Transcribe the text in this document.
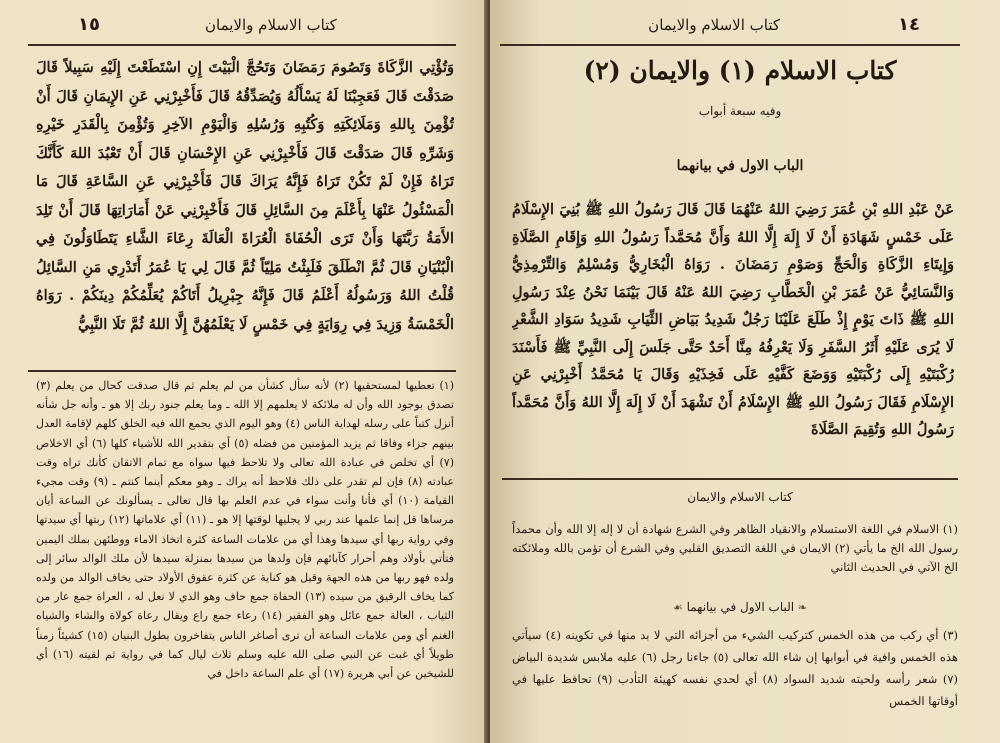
١٥	كتاب الاسلام والايمان

وَتُؤْتِي الزَّكَاةَ وَتَصُومَ رَمَضَانَ وَتَحُجَّ الْبَيْتَ إِنِ اسْتَطَعْتَ إِلَيْهِ سَبِيلاً قَالَ صَدَقْتَ قَالَ فَعَجِبْنَا لَهُ يَسْأَلُهُ وَيُصَدِّقُهُ قَالَ فَأَخْبِرْنِي عَنِ الإِيمَانِ قَالَ أَنْ تُؤْمِنَ بِاللهِ وَمَلَائِكَتِهِ وَكُتُبِهِ وَرُسُلِهِ وَالْيَوْمِ الآخِرِ وَتُؤْمِنَ بِالْقَدَرِ خَيْرِهِ وَشَرِّهِ قَالَ صَدَقْتَ قَالَ فَأَخْبِرْنِي عَنِ الإِحْسَانِ قَالَ أَنْ تَعْبُدَ اللهَ كَأَنَّكَ تَرَاهُ فَإِنْ لَمْ تَكُنْ تَرَاهُ فَإِنَّهُ يَرَاكَ قَالَ فَأَخْبِرْنِي عَنِ السَّاعَةِ قَالَ مَا الْمَسْئُولُ عَنْهَا بِأَعْلَمَ مِنَ السَّائِلِ قَالَ فَأَخْبِرْنِي عَنْ أَمَارَاتِهَا قَالَ أَنْ تَلِدَ الأَمَةُ رَبَّتَهَا وَأَنْ تَرَى الْحُفَاةَ الْعُرَاةَ الْعَالَةَ رِعَاءَ الشَّاءِ يَتَطَاوَلُونَ فِي الْبُنْيَانِ قَالَ ثُمَّ انْطَلَقَ فَلَبِثْتُ مَلِيّاً ثُمَّ قَالَ لِي يَا عُمَرُ أَتَدْرِي مَنِ السَّائِلُ قُلْتُ اللهُ وَرَسُولُهُ أَعْلَمُ قَالَ فَإِنَّهُ جِبْرِيلُ أَتَاكُمْ يُعَلِّمُكُمْ دِينَكُمْ . رَوَاهُ الْخَمْسَةُ وَزِيدَ فِي رِوَايَةٍ فِي خَمْسٍ لَا يَعْلَمُهُنَّ إِلَّا اللهُ ثُمَّ تَلَا النَّبِيُّ

(١) تعطيها لمستحقيها (٢) لأنه سأل كشأن من لم يعلم ثم قال صدقت كحال من يعلم (٣) تصدق بوجود الله وأن له ملائكة لا يعلمهم إلا الله ـ وما يعلم جنود ربك إلا هو ـ وأنه جل شأنه أنزل كتباً على رسله لهداية الناس (٤) وهو اليوم الذي يجمع الله فيه الخلق كلهم لإقامة العدل بينهم جزاء وفاقا ثم يزيد المؤمنين من فضله (٥) أي بتقدير الله للأشياء كلها (٦) أي الاخلاص (٧) أي تخلص في عبادة الله تعالى ولا تلاحظ فيها سواه مع تمام الاتقان كأنك تراه وقت عبادته (٨) فإن لم تقدر على ذلك فلاحظ أنه يراك ـ وهو معكم أينما كنتم ـ (٩) وقت مجيء القيامة (١٠) أي فأنا وأنت سواء في عدم العلم بها قال تعالى ـ يسألونك عن الساعة أيان مرساها قل إنما علمها عند ربي لا يجليها لوقتها إلا هو ـ (١١) أي علاماتها (١٢) ربتها أي سيدتها وفي رواية ربها أي سيدها وهذا أي من علامات الساعة كثرة اتخاذ الاماء ووطئهن بملك اليمين فتأتي بأولاد وهم أحرار كآبائهم فإن ولدها من سيدها بمنزلة سيدها لأن ملك الوالد سائر إلى ولده فهو ربها من هذه الجهة وقيل هو كناية عن كثرة عقوق الأولاد حتى يخاف الوالد من ولده كما يخاف الرقيق من سيده (١٣) الحفاة جمع حاف وهو الذي لا نعل له ، العراة جمع عار من الثياب ، العالة جمع عائل وهو الفقير (١٤) رعاء جمع راع ويقال رعاة كولاة والشاء والشياه الغنم أي ومن علامات الساعة أن ترى أصاغر الناس يتفاخرون بطول البنيان (١٥) كشيئاً زمناً طويلاً أي غبت عن النبي صلى الله عليه وسلم ثلاث ليال كما في رواية ثم لقيته (١٦) أي للشيخين عن أبي هريرة (١٧) أي علم الساعة داخل في

١٤
كتاب الاسلام والايمان
كتاب الاسلام (١) والايمان (٢)
وفيه سبعة أبواب
الباب الاول في بيانهما

عَنْ عَبْدِ اللهِ بْنِ عُمَرَ رَضِيَ اللهُ عَنْهُمَا قَالَ قَالَ رَسُولُ اللهِ ﷺ بُنِيَ الإِسْلَامُ عَلَى خَمْسٍ شَهَادَةِ أَنْ لَا إِلَهَ إِلَّا اللهُ وَأَنَّ مُحَمَّداً رَسُولُ اللهِ وَإِقَامِ الصَّلَاةِ وَإِيتَاءِ الزَّكَاةِ وَالْحَجِّ وَصَوْمِ رَمَضَانَ . رَوَاهُ الْبُخَارِيُّ وَمُسْلِمٌ وَالتِّرْمِذِيُّ وَالنَّسَائِيُّ عَنْ عُمَرَ بْنِ الْخَطَّابِ رَضِيَ اللهُ عَنْهُ قَالَ بَيْنَمَا نَحْنُ عِنْدَ رَسُولِ اللهِ ﷺ ذَاتَ يَوْمٍ إِذْ طَلَعَ عَلَيْنَا رَجُلٌ شَدِيدُ بَيَاضِ الثِّيَابِ شَدِيدُ سَوَادِ الشَّعْرِ لَا يُرَى عَلَيْهِ أَثَرُ السَّفَرِ وَلَا يَعْرِفُهُ مِنَّا أَحَدٌ حَتَّى جَلَسَ إِلَى النَّبِيِّ ﷺ فَأَسْنَدَ رُكْبَتَيْهِ إِلَى رُكْبَتَيْهِ وَوَضَعَ كَفَّيْهِ عَلَى فَخِذَيْهِ وَقَالَ يَا مُحَمَّدُ أَخْبِرْنِي عَنِ الإِسْلَامِ فَقَالَ رَسُولُ اللهِ ﷺ الإِسْلَامُ أَنْ تَشْهَدَ أَنْ لَا إِلَهَ إِلَّا اللهُ وَأَنَّ مُحَمَّداً رَسُولُ اللهِ وَتُقِيمَ الصَّلَاةَ

كتاب الاسلام والايمان

(١) الاسلام في اللغة الاستسلام والانقياد الظاهر وفي الشرع شهادة أن لا إله إلا الله وأن محمداً رسول الله الخ ما يأتي (٢) الايمان في اللغة التصديق القلبي وفي الشرع أن تؤمن بالله وملائكته الخ الآتي في الحديث الثاني

❧ الباب الاول في بيانهما ☙

(٣) أي ركب من هذه الخمس كتركيب الشيء من أجزائه التي لا بد منها في تكوينه (٤) سيأتي هذه الخمس وافية في أبوابها إن شاء الله تعالى (٥) جاءنا رجل (٦) عليه ملابس شديدة البياض (٧) شعر رأسه ولحيته شديد السواد (٨) أي لحدي نفسه كهيئة التأدب (٩) تحافظ عليها في أوقاتها الخمس
